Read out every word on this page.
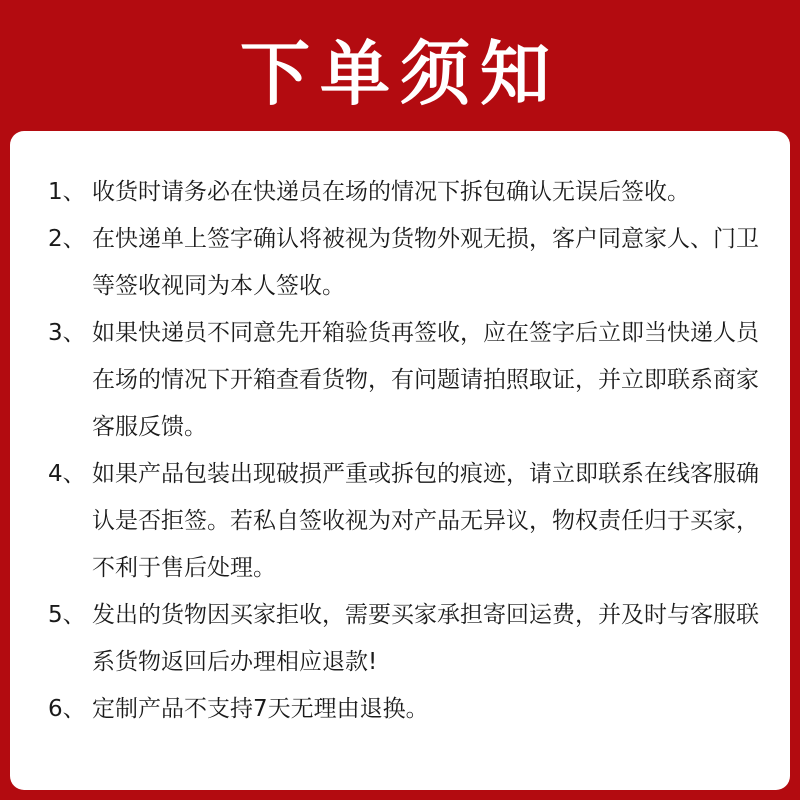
下单须知
1、 收货时请务必在快递员在场的情况下拆包确认无误后签收。
2、 在快递单上签字确认将被视为货物外观无损，客户同意家人、门卫等签收视同为本人签收。
3、 如果快递员不同意先开箱验货再签收，应在签字后立即当快递人员在场的情况下开箱查看货物，有问题请拍照取证，并立即联系商家客服反馈。
4、 如果产品包装出现破损严重或拆包的痕迹，请立即联系在线客服确认是否拒签。若私自签收视为对产品无异议，物权责任归于买家，不利于售后处理。
5、 发出的货物因买家拒收，需要买家承担寄回运费，并及时与客服联系货物返回后办理相应退款!
6、 定制产品不支持7天无理由退换。
